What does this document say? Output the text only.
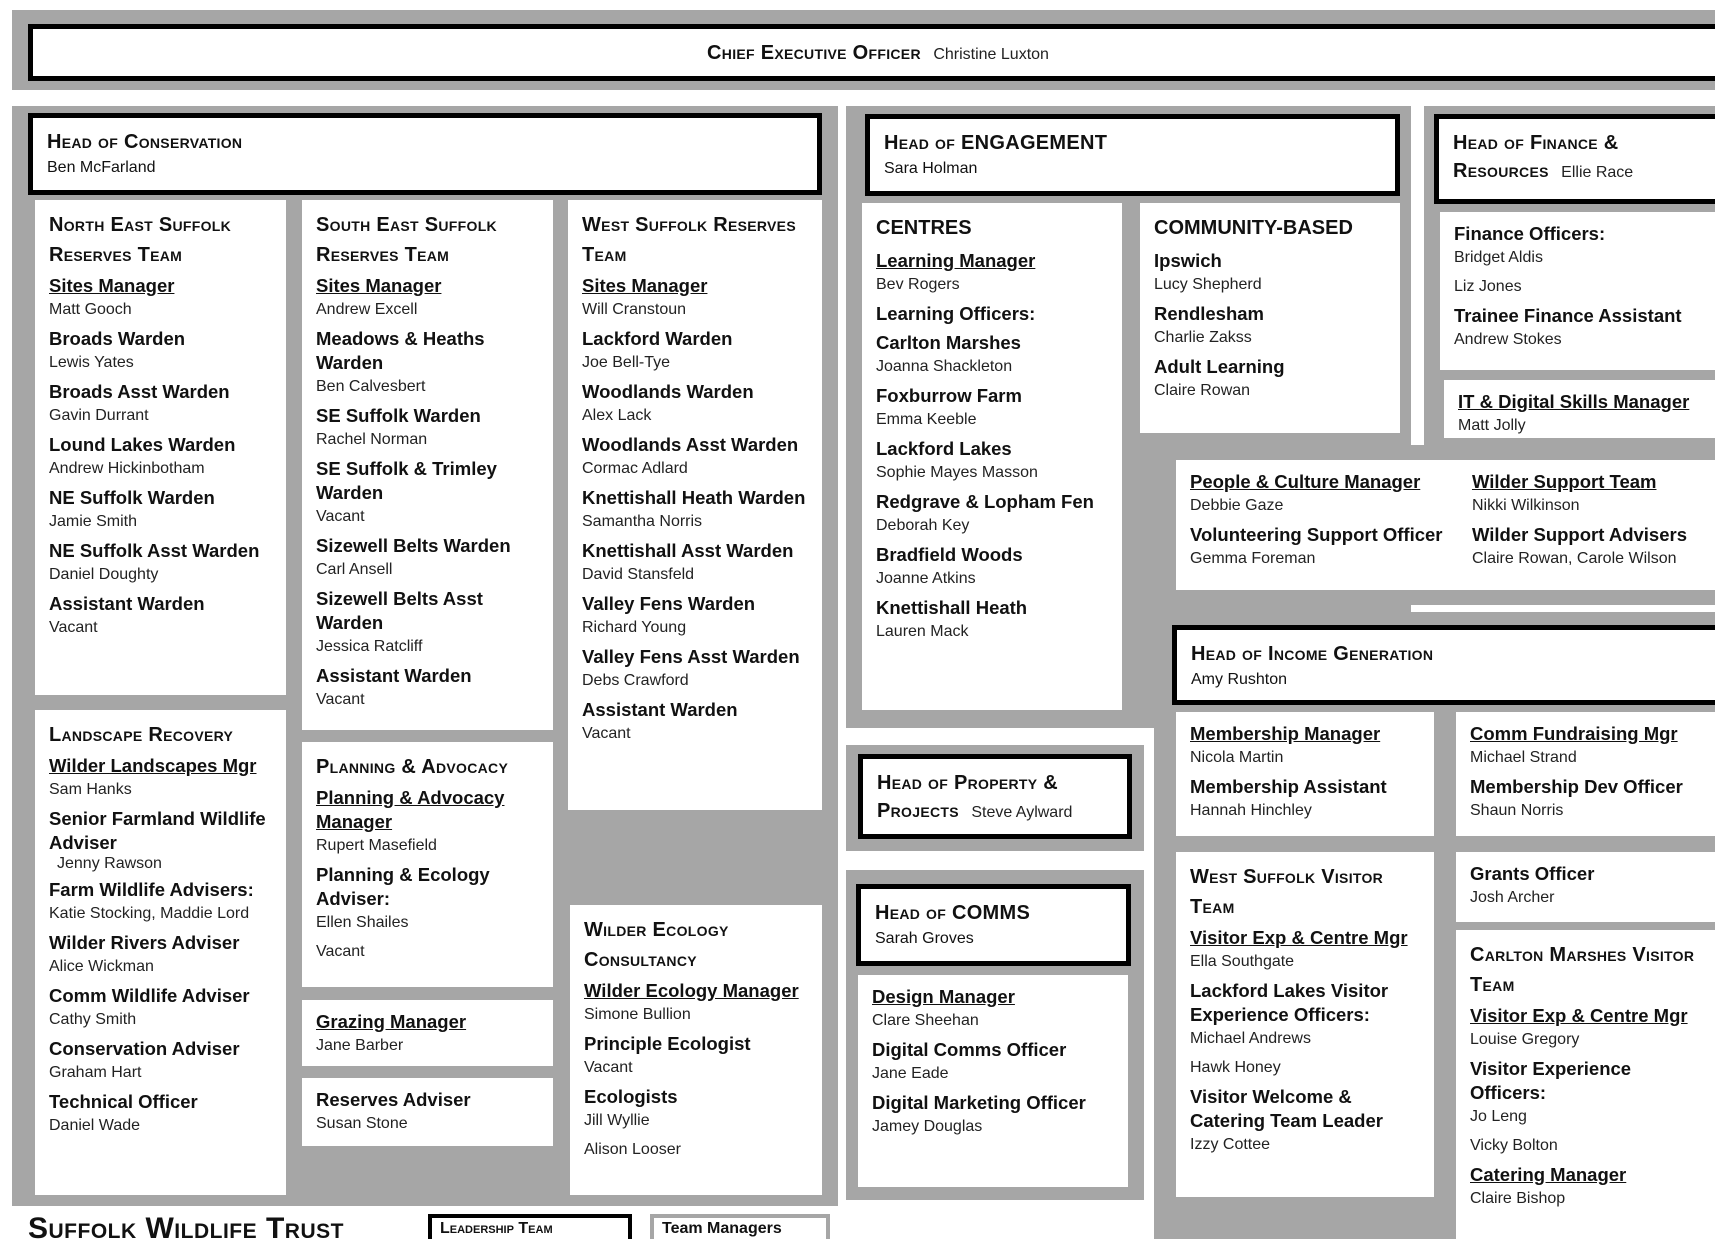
Chief Executive Officer Christine Luxton
Head of Conservation
Ben McFarland
North East Suffolk Reserves Team
Sites Manager
Matt Gooch
Broads Warden
Lewis Yates
Broads Asst Warden
Gavin Durrant
Lound Lakes Warden
Andrew Hickinbotham
NE Suffolk Warden
Jamie Smith
NE Suffolk Asst Warden
Daniel Doughty
Assistant Warden
Vacant
South East Suffolk Reserves Team
Sites Manager
Andrew Excell
Meadows & Heaths Warden
Ben Calvesbert
SE Suffolk Warden
Rachel Norman
SE Suffolk & Trimley Warden
Vacant
Sizewell Belts Warden
Carl Ansell
Sizewell Belts Asst Warden
Jessica Ratcliff
Assistant Warden
Vacant
West Suffolk Reserves Team
Sites Manager
Will Cranstoun
Lackford Warden
Joe Bell-Tye
Woodlands Warden
Alex Lack
Woodlands Asst Warden
Cormac Adlard
Knettishall Heath Warden
Samantha Norris
Knettishall Asst Warden
David Stansfeld
Valley Fens Warden
Richard Young
Valley Fens Asst Warden
Debs Crawford
Assistant Warden
Vacant
Landscape Recovery
Wilder Landscapes Mgr
Sam Hanks
Senior Farmland Wildlife Adviser
Jenny Rawson
Farm Wildlife Advisers:
Katie Stocking, Maddie Lord
Wilder Rivers Adviser
Alice Wickman
Comm Wildlife Adviser
Cathy Smith
Conservation Adviser
Graham Hart
Technical Officer
Daniel Wade
Planning & Advocacy
Planning & Advocacy Manager
Rupert Masefield
Planning & Ecology Adviser:
Ellen Shailes
Vacant
Grazing Manager
Jane Barber
Reserves Adviser
Susan Stone
Wilder Ecology Consultancy
Wilder Ecology Manager
Simone Bullion
Principle Ecologist
Vacant
Ecologists
Jill Wyllie
Alison Looser
Head of ENGAGEMENT
Sara Holman
CENTRES
Learning Manager
Bev Rogers
Learning Officers:
Carlton Marshes
Joanna Shackleton
Foxburrow Farm
Emma Keeble
Lackford Lakes
Sophie Mayes Masson
Redgrave & Lopham Fen
Deborah Key
Bradfield Woods
Joanne Atkins
Knettishall Heath
Lauren Mack
COMMUNITY-BASED
Ipswich
Lucy Shepherd
Rendlesham
Charlie Zakss
Adult Learning
Claire Rowan
Head of Property & Projects Steve Aylward
Head of COMMS
Sarah Groves
Design Manager
Clare Sheehan
Digital Comms Officer
Jane Eade
Digital Marketing Officer
Jamey Douglas
Head of Finance & Resources Ellie Race
Finance Officers:
Bridget Aldis
Liz Jones
Trainee Finance Assistant
Andrew Stokes
IT & Digital Skills Manager
Matt Jolly
People & Culture Manager
Debbie Gaze
Volunteering Support Officer
Gemma Foreman
Wilder Support Team
Nikki Wilkinson
Wilder Support Advisers
Claire Rowan, Carole Wilson
Head of Income Generation
Amy Rushton
Membership Manager
Nicola Martin
Membership Assistant
Hannah Hinchley
Comm Fundraising Mgr
Michael Strand
Membership Dev Officer
Shaun Norris
West Suffolk Visitor Team
Visitor Exp & Centre Mgr
Ella Southgate
Lackford Lakes Visitor Experience Officers:
Michael Andrews
Hawk Honey
Visitor Welcome & Catering Team Leader
Izzy Cottee
Grants Officer
Josh Archer
Carlton Marshes Visitor Team
Visitor Exp & Centre Mgr
Louise Gregory
Visitor Experience Officers:
Jo Leng
Vicky Bolton
Catering Manager
Claire Bishop
Suffolk Wildlife Trust	Leadership Team	Team Managers
